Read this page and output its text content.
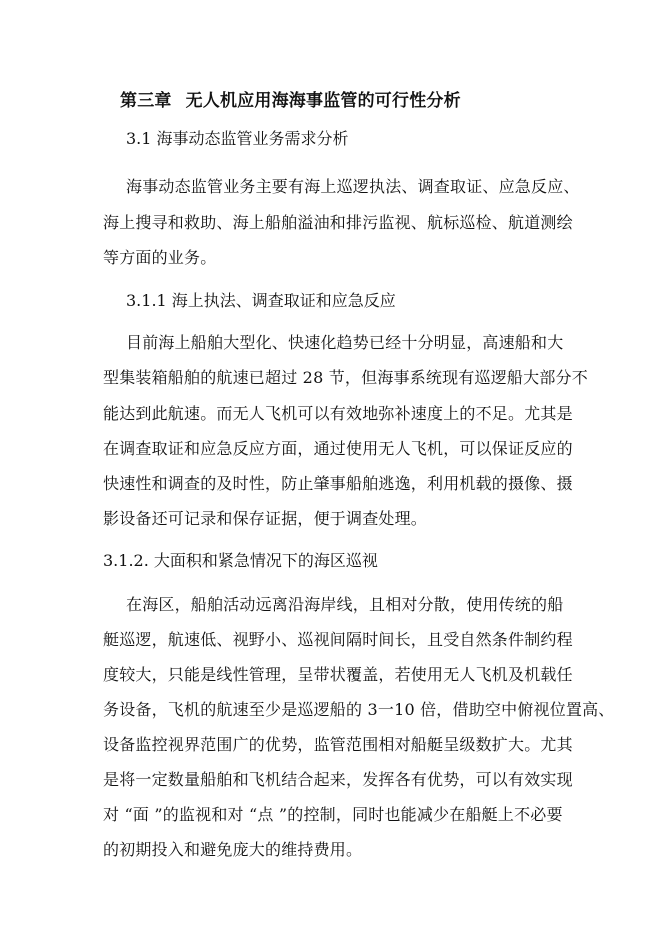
第三章 无人机应用海海事监管的可行性分析
3.1 海事动态监管业务需求分析
海事动态监管业务主要有海上巡逻执法、调查取证、应急反应、
海上搜寻和救助、海上船舶溢油和排污监视、航标巡检、航道测绘
等方面的业务。
3.1.1 海上执法、调查取证和应急反应
目前海上船舶大型化、快速化趋势已经十分明显，高速船和大
型集装箱船舶的航速已超过 28 节，但海事系统现有巡逻船大部分不
能达到此航速。而无人飞机可以有效地弥补速度上的不足。尤其是
在调查取证和应急反应方面，通过使用无人飞机，可以保证反应的
快速性和调查的及时性，防止肇事船舶逃逸，利用机载的摄像、摄
影设备还可记录和保存证据，便于调查处理。
3.1.2. 大面积和紧急情况下的海区巡视
在海区，船舶活动远离沿海岸线，且相对分散，使用传统的船
艇巡逻，航速低、视野小、巡视间隔时间长，且受自然条件制约程
度较大，只能是线性管理，呈带状覆盖，若使用无人飞机及机载任
务设备，飞机的航速至少是巡逻船的 3一10 倍，借助空中俯视位置高、
设备监控视界范围广的优势，监管范围相对船艇呈级数扩大。尤其
是将一定数量船舶和飞机结合起来，发挥各有优势，可以有效实现
对 “面 ”的监视和对 “点 ”的控制，同时也能减少在船艇上不必要
的初期投入和避免庞大的维持费用。
